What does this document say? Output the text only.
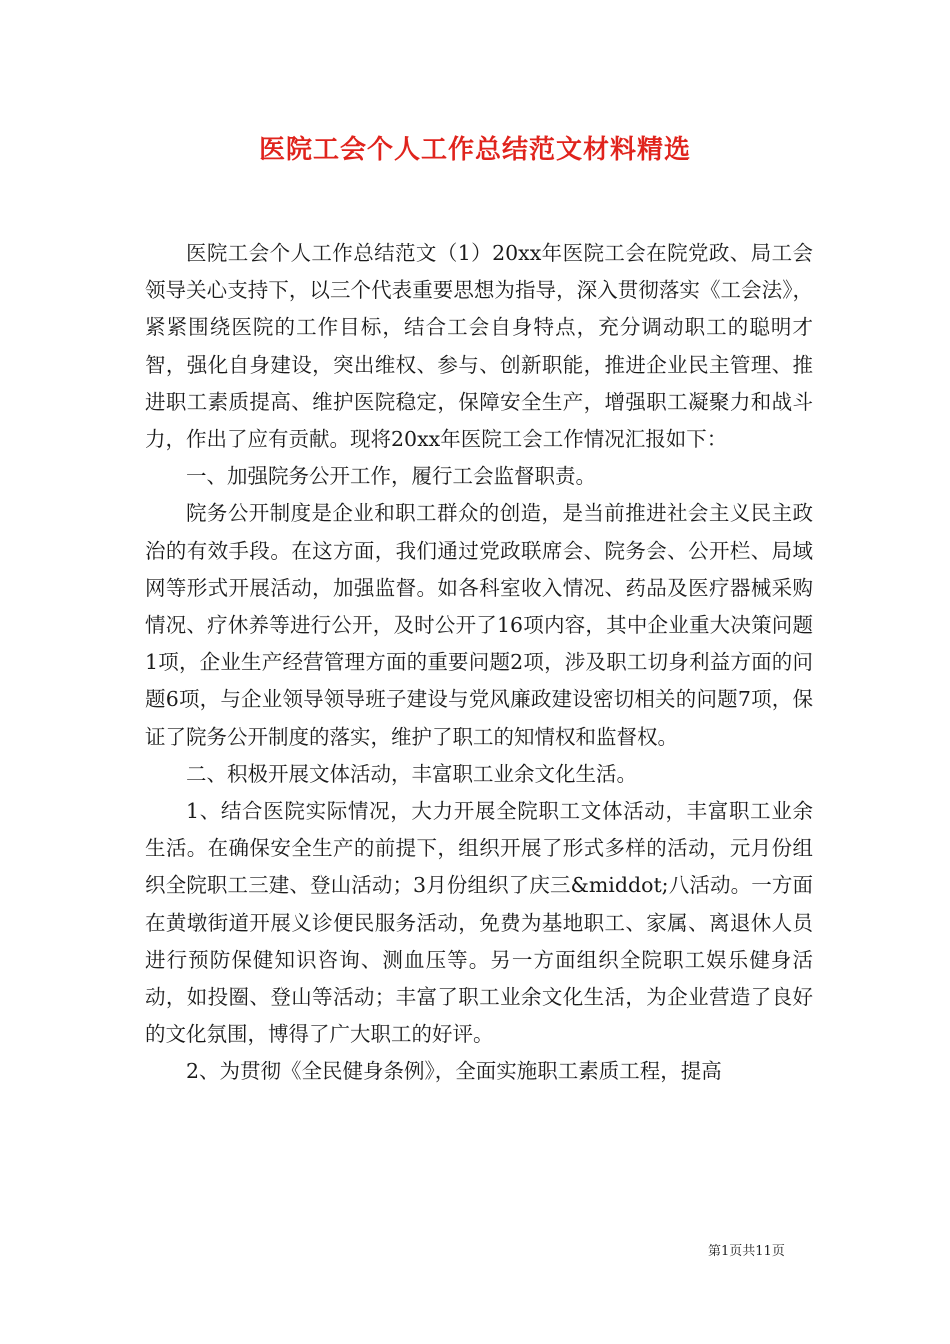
医院工会个人工作总结范文材料精选

医院工会个人工作总结范文（1）20xx年医院工会在院党政、局工会领导关心支持下，以三个代表重要思想为指导，深入贯彻落实《工会法》，紧紧围绕医院的工作目标，结合工会自身特点，充分调动职工的聪明才智，强化自身建设，突出维权、参与、创新职能，推进企业民主管理、推进职工素质提高、维护医院稳定，保障安全生产，增强职工凝聚力和战斗力，作出了应有贡献。现将20xx年医院工会工作情况汇报如下：

一、加强院务公开工作，履行工会监督职责。

院务公开制度是企业和职工群众的创造，是当前推进社会主义民主政治的有效手段。在这方面，我们通过党政联席会、院务会、公开栏、局域网等形式开展活动，加强监督。如各科室收入情况、药品及医疗器械采购情况、疗休养等进行公开，及时公开了16项内容，其中企业重大决策问题1项，企业生产经营管理方面的重要问题2项，涉及职工切身利益方面的问题6项，与企业领导领导班子建设与党风廉政建设密切相关的问题7项，保证了院务公开制度的落实，维护了职工的知情权和监督权。

二、积极开展文体活动，丰富职工业余文化生活。

1、结合医院实际情况，大力开展全院职工文体活动，丰富职工业余生活。在确保安全生产的前提下，组织开展了形式多样的活动，元月份组织全院职工三建、登山活动；3月份组织了庆三&middot;八活动。一方面在黄墩街道开展义诊便民服务活动，免费为基地职工、家属、离退休人员进行预防保健知识咨询、测血压等。另一方面组织全院职工娱乐健身活动，如投圈、登山等活动；丰富了职工业余文化生活，为企业营造了良好的文化氛围，博得了广大职工的好评。

2、为贯彻《全民健身条例》，全面实施职工素质工程，提高

第1页共11页
